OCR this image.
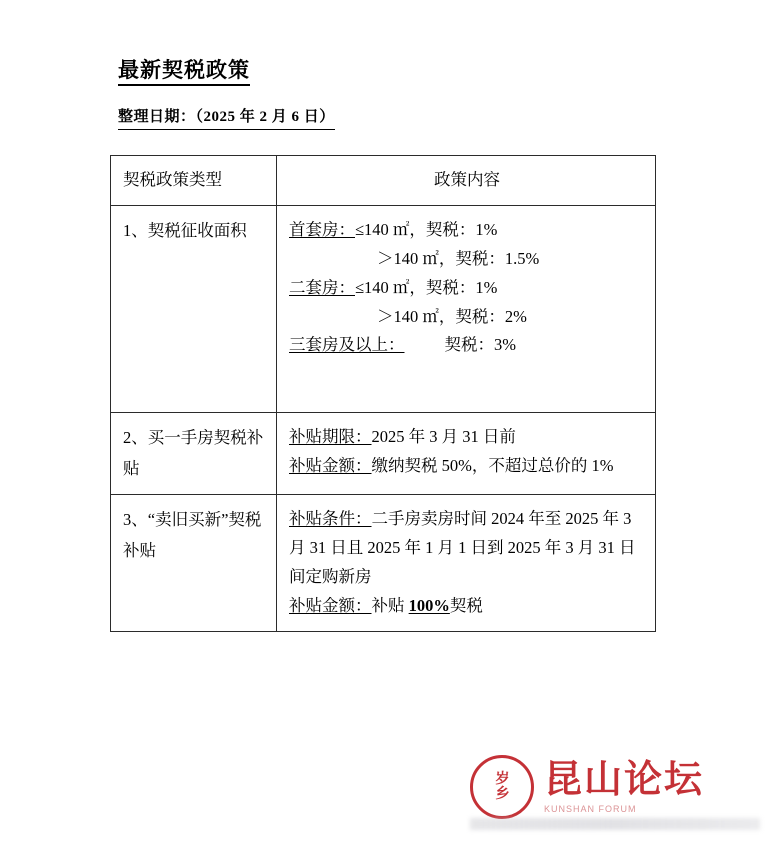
最新契税政策
整理日期：（2025 年 2 月 6 日）
契税政策类型	政策内容

1、契税征收面积	首套房：≤140 ㎡，契税：1%
＞140 ㎡，契税：1.5%
二套房：≤140 ㎡，契税：1%
＞140 ㎡，契税：2%
三套房及以上： 契税：3%

2、买一手房契税补贴	补贴期限：2025 年 3 月 31 日前
补贴金额：缴纳契税 50%，不超过总价的 1%

3、“卖旧买新”契税补贴	补贴条件：二手房卖房时间 2024 年至 2025 年 3 月 31 日且 2025 年 1 月 1 日到 2025 年 3 月 31 日间定购新房
补贴金额：补贴 100%契税
岁
乡 昆山论坛
KUNSHAN FORUM
